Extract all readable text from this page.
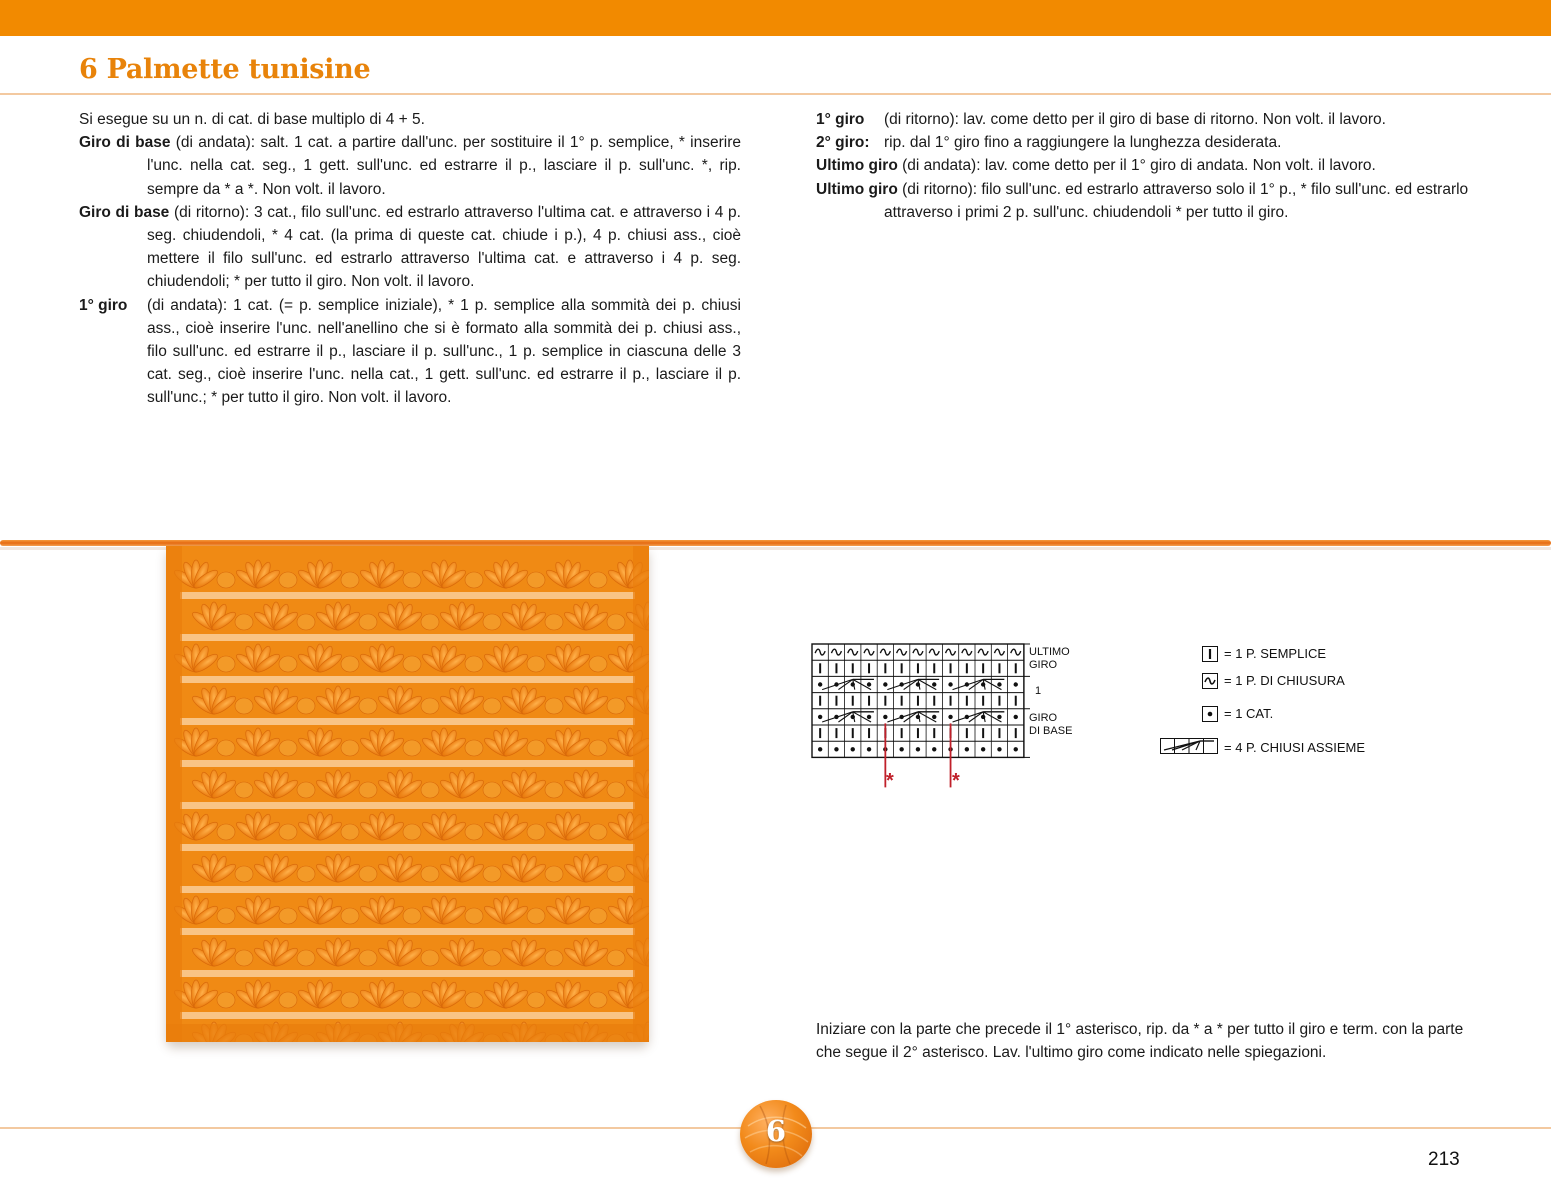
6 Palmette tunisine

Si esegue su un n. di cat. di base multiplo di 4 + 5.

Giro di base (di andata): salt. 1 cat. a partire dall'unc. per sostituire il 1° p. semplice, * inserire l'unc. nella cat. seg., 1 gett. sull'unc. ed estrarre il p., lasciare il p. sull'unc. *, rip. sempre da * a *. Non volt. il lavoro.

Giro di base (di ritorno): 3 cat., filo sull'unc. ed estrarlo attraverso l'ultima cat. e attraverso i 4 p. seg. chiudendoli, * 4 cat. (la prima di queste cat. chiude i p.), 4 p. chiusi ass., cioè mettere il filo sull'unc. ed estrarlo attraverso l'ultima cat. e attraverso i 4 p. seg. chiudendoli; * per tutto il giro. Non volt. il lavoro.

1° giro (di andata): 1 cat. (= p. semplice iniziale), * 1 p. semplice alla sommità dei p. chiusi ass., cioè inserire l'unc. nell'anellino che si è formato alla sommità dei p. chiusi ass., filo sull'unc. ed estrarre il p., lasciare il p. sull'unc., 1 p. semplice in ciascuna delle 3 cat. seg., cioè inserire l'unc. nella cat., 1 gett. sull'unc. ed estrarre il p., lasciare il p. sull'unc.; * per tutto il giro. Non volt. il lavoro.

1° giro (di ritorno): lav. come detto per il giro di base di ritorno. Non volt. il lavoro.

2° giro: rip. dal 1° giro fino a raggiungere la lunghezza desiderata.

Ultimo giro (di andata): lav. come detto per il 1° giro di andata. Non volt. il lavoro.

Ultimo giro (di ritorno): filo sull'unc. ed estrarlo attraverso solo il 1° p., * filo sull'unc. ed estrarlo attraverso i primi 2 p. sull'unc. chiudendoli * per tutto il giro.

ULTIMO
GIRO
1
GIRO
DI BASE
*	*
= 1 P. SEMPLICE
= 1 P. DI CHIUSURA
= 1 CAT.
= 4 P. CHIUSI ASSIEME

Iniziare con la parte che precede il 1° asterisco, rip. da * a * per tutto il giro e term. con la parte che segue il 2° asterisco. Lav. l'ultimo giro come indicato nelle spiegazioni.

6
213
